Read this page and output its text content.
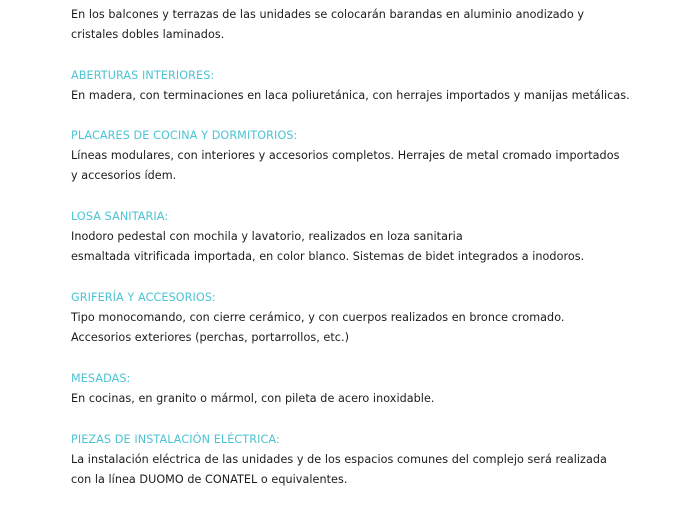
En los balcones y terrazas de las unidades se colocarán barandas en aluminio anodizado y
cristales dobles laminados.
ABERTURAS INTERIORES:
En madera, con terminaciones en laca poliuretánica, con herrajes importados y manijas metálicas.
PLACARES DE COCINA Y DORMITORIOS:
Líneas modulares, con interiores y accesorios completos. Herrajes de metal cromado importados
y accesorios ídem.
LOSA SANITARIA:
Inodoro pedestal con mochila y lavatorio, realizados en loza sanitaria
esmaltada vitrificada importada, en color blanco. Sistemas de bidet integrados a inodoros.
GRIFERÍA Y ACCESORIOS:
Tipo monocomando, con cierre cerámico, y con cuerpos realizados en bronce cromado.
Accesorios exteriores (perchas, portarrollos, etc.)
MESADAS:
En cocinas, en granito o mármol, con pileta de acero inoxidable.
PIEZAS DE INSTALACIÓN ELÉCTRICA:
La instalación eléctrica de las unidades y de los espacios comunes del complejo será realizada
con la línea DUOMO de CONATEL o equivalentes.
